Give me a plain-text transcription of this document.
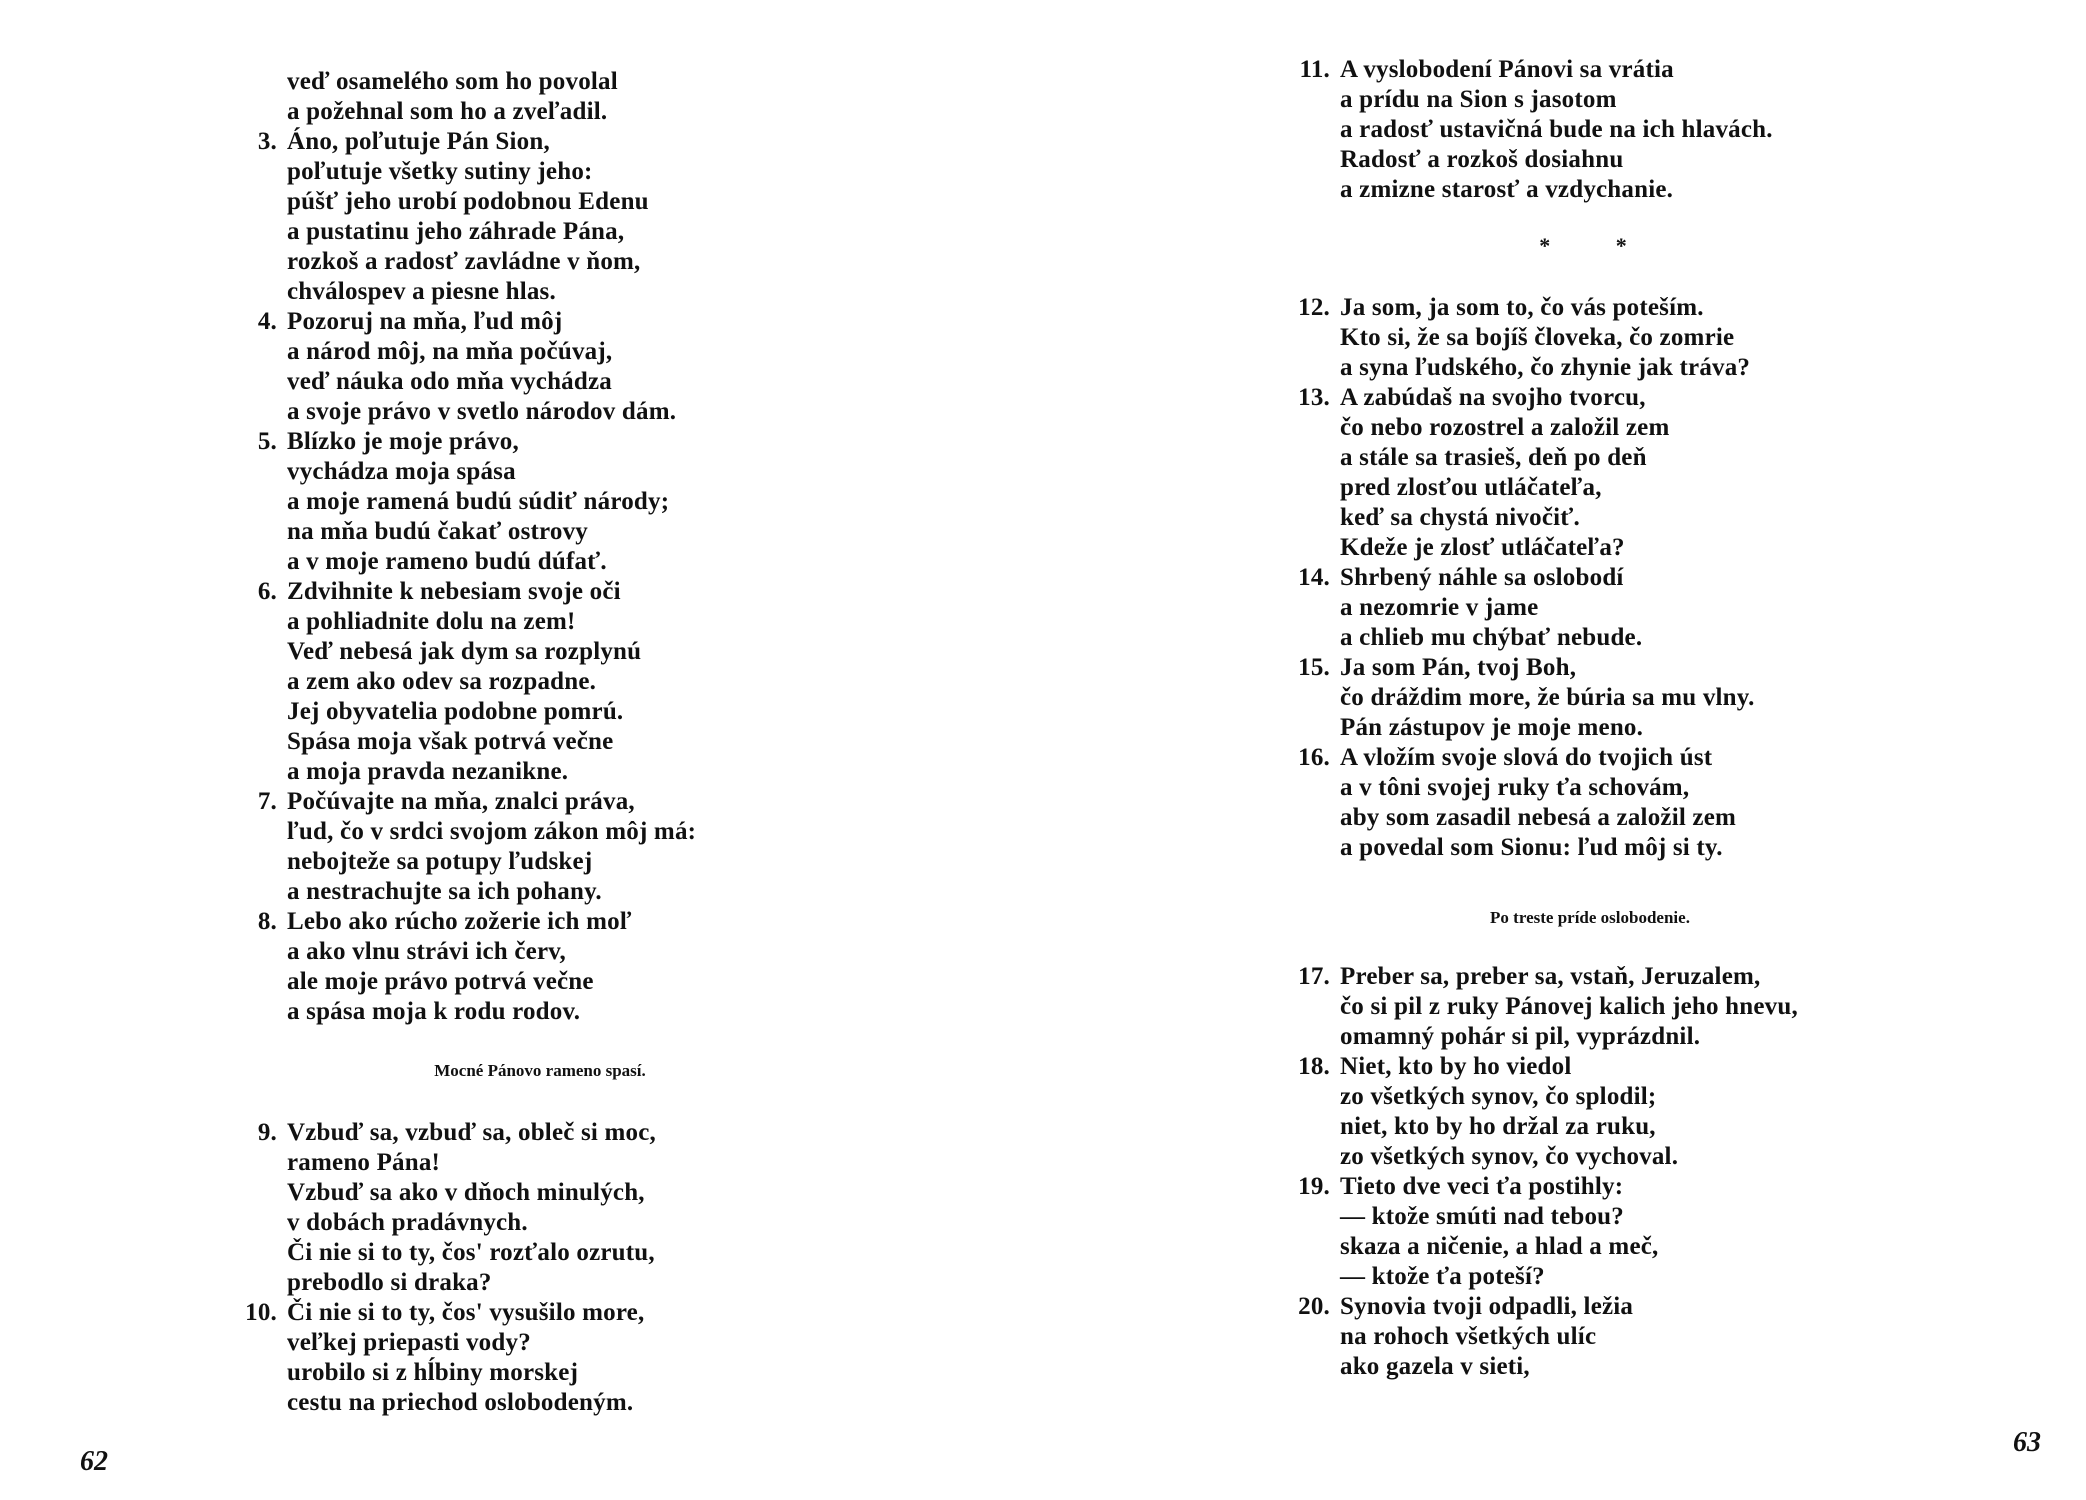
veď osamelého som ho povolal
a požehnal som ho a zveľadil.
3. Áno, poľutuje Pán Sion,
poľutuje všetky sutiny jeho:
púšť jeho urobí podobnou Edenu
a pustatinu jeho záhrade Pána,
rozkoš a radosť zavládne v ňom,
chválospev a piesne hlas.
4. Pozoruj na mňa, ľud môj
a národ môj, na mňa počúvaj,
veď náuka odo mňa vychádza
a svoje právo v svetlo národov dám.
5. Blízko je moje právo,
vychádza moja spása
a moje ramená budú súdiť národy;
na mňa budú čakať ostrovy
a v moje rameno budú dúfať.
6. Zdvihnite k nebesiam svoje oči
a pohliadnite dolu na zem!
Veď nebesá jak dym sa rozplynú
a zem ako odev sa rozpadne.
Jej obyvatelia podobne pomrú.
Spása moja však potrvá večne
a moja pravda nezanikne.
7. Počúvajte na mňa, znalci práva,
ľud, čo v srdci svojom zákon môj má:
nebojteže sa potupy ľudskej
a nestrachujte sa ich pohany.
8. Lebo ako rúcho zožerie ich moľ
a ako vlnu strávi ich červ,
ale moje právo potrvá večne
a spása moja k rodu rodov.
Mocné Pánovo rameno spasí.
9. Vzbuď sa, vzbuď sa, obleč si moc,
rameno Pána!
Vzbuď sa ako v dňoch minulých,
v dobách pradávnych.
Či nie si to ty, čos' rozťalo ozrutu,
prebodlo si draka?
10. Či nie si to ty, čos' vysušilo more,
veľkej priepasti vody?
urobilo si z hĺbiny morskej
cestu na priechod oslobodeným.
62
11. A vyslobodení Pánovi sa vrátia
a prídu na Sion s jasotom
a radosť ustavičná bude na ich hlavách.
Radosť a rozkoš dosiahnu
a zmizne starosť a vzdychanie.
* *
12. Ja som, ja som to, čo vás poteším.
Kto si, že sa bojíš človeka, čo zomrie
a syna ľudského, čo zhynie jak tráva?
13. A zabúdaš na svojho tvorcu,
čo nebo rozostrel a založil zem
a stále sa trasieš, deň po deň
pred zlosťou utláčateľa,
keď sa chystá nivočiť.
Kdeže je zlosť utláčateľa?
14. Shrbený náhle sa oslobodí
a nezomrie v jame
a chlieb mu chýbať nebude.
15. Ja som Pán, tvoj Boh,
čo dráždim more, že búria sa mu vlny.
Pán zástupov je moje meno.
16. A vložím svoje slová do tvojich úst
a v tôni svojej ruky ťa schovám,
aby som zasadil nebesá a založil zem
a povedal som Sionu: ľud môj si ty.
Po treste príde oslobodenie.
17. Preber sa, preber sa, vstaň, Jeruzalem,
čo si pil z ruky Pánovej kalich jeho hnevu,
omamný pohár si pil, vyprázdnil.
18. Niet, kto by ho viedol
zo všetkých synov, čo splodil;
niet, kto by ho držal za ruku,
zo všetkých synov, čo vychoval.
19. Tieto dve veci ťa postihly:
— ktože smúti nad tebou?
skaza a ničenie, a hlad a meč,
— ktože ťa poteší?
20. Synovia tvoji odpadli, ležia
na rohoch všetkých ulíc
ako gazela v sieti,
63
